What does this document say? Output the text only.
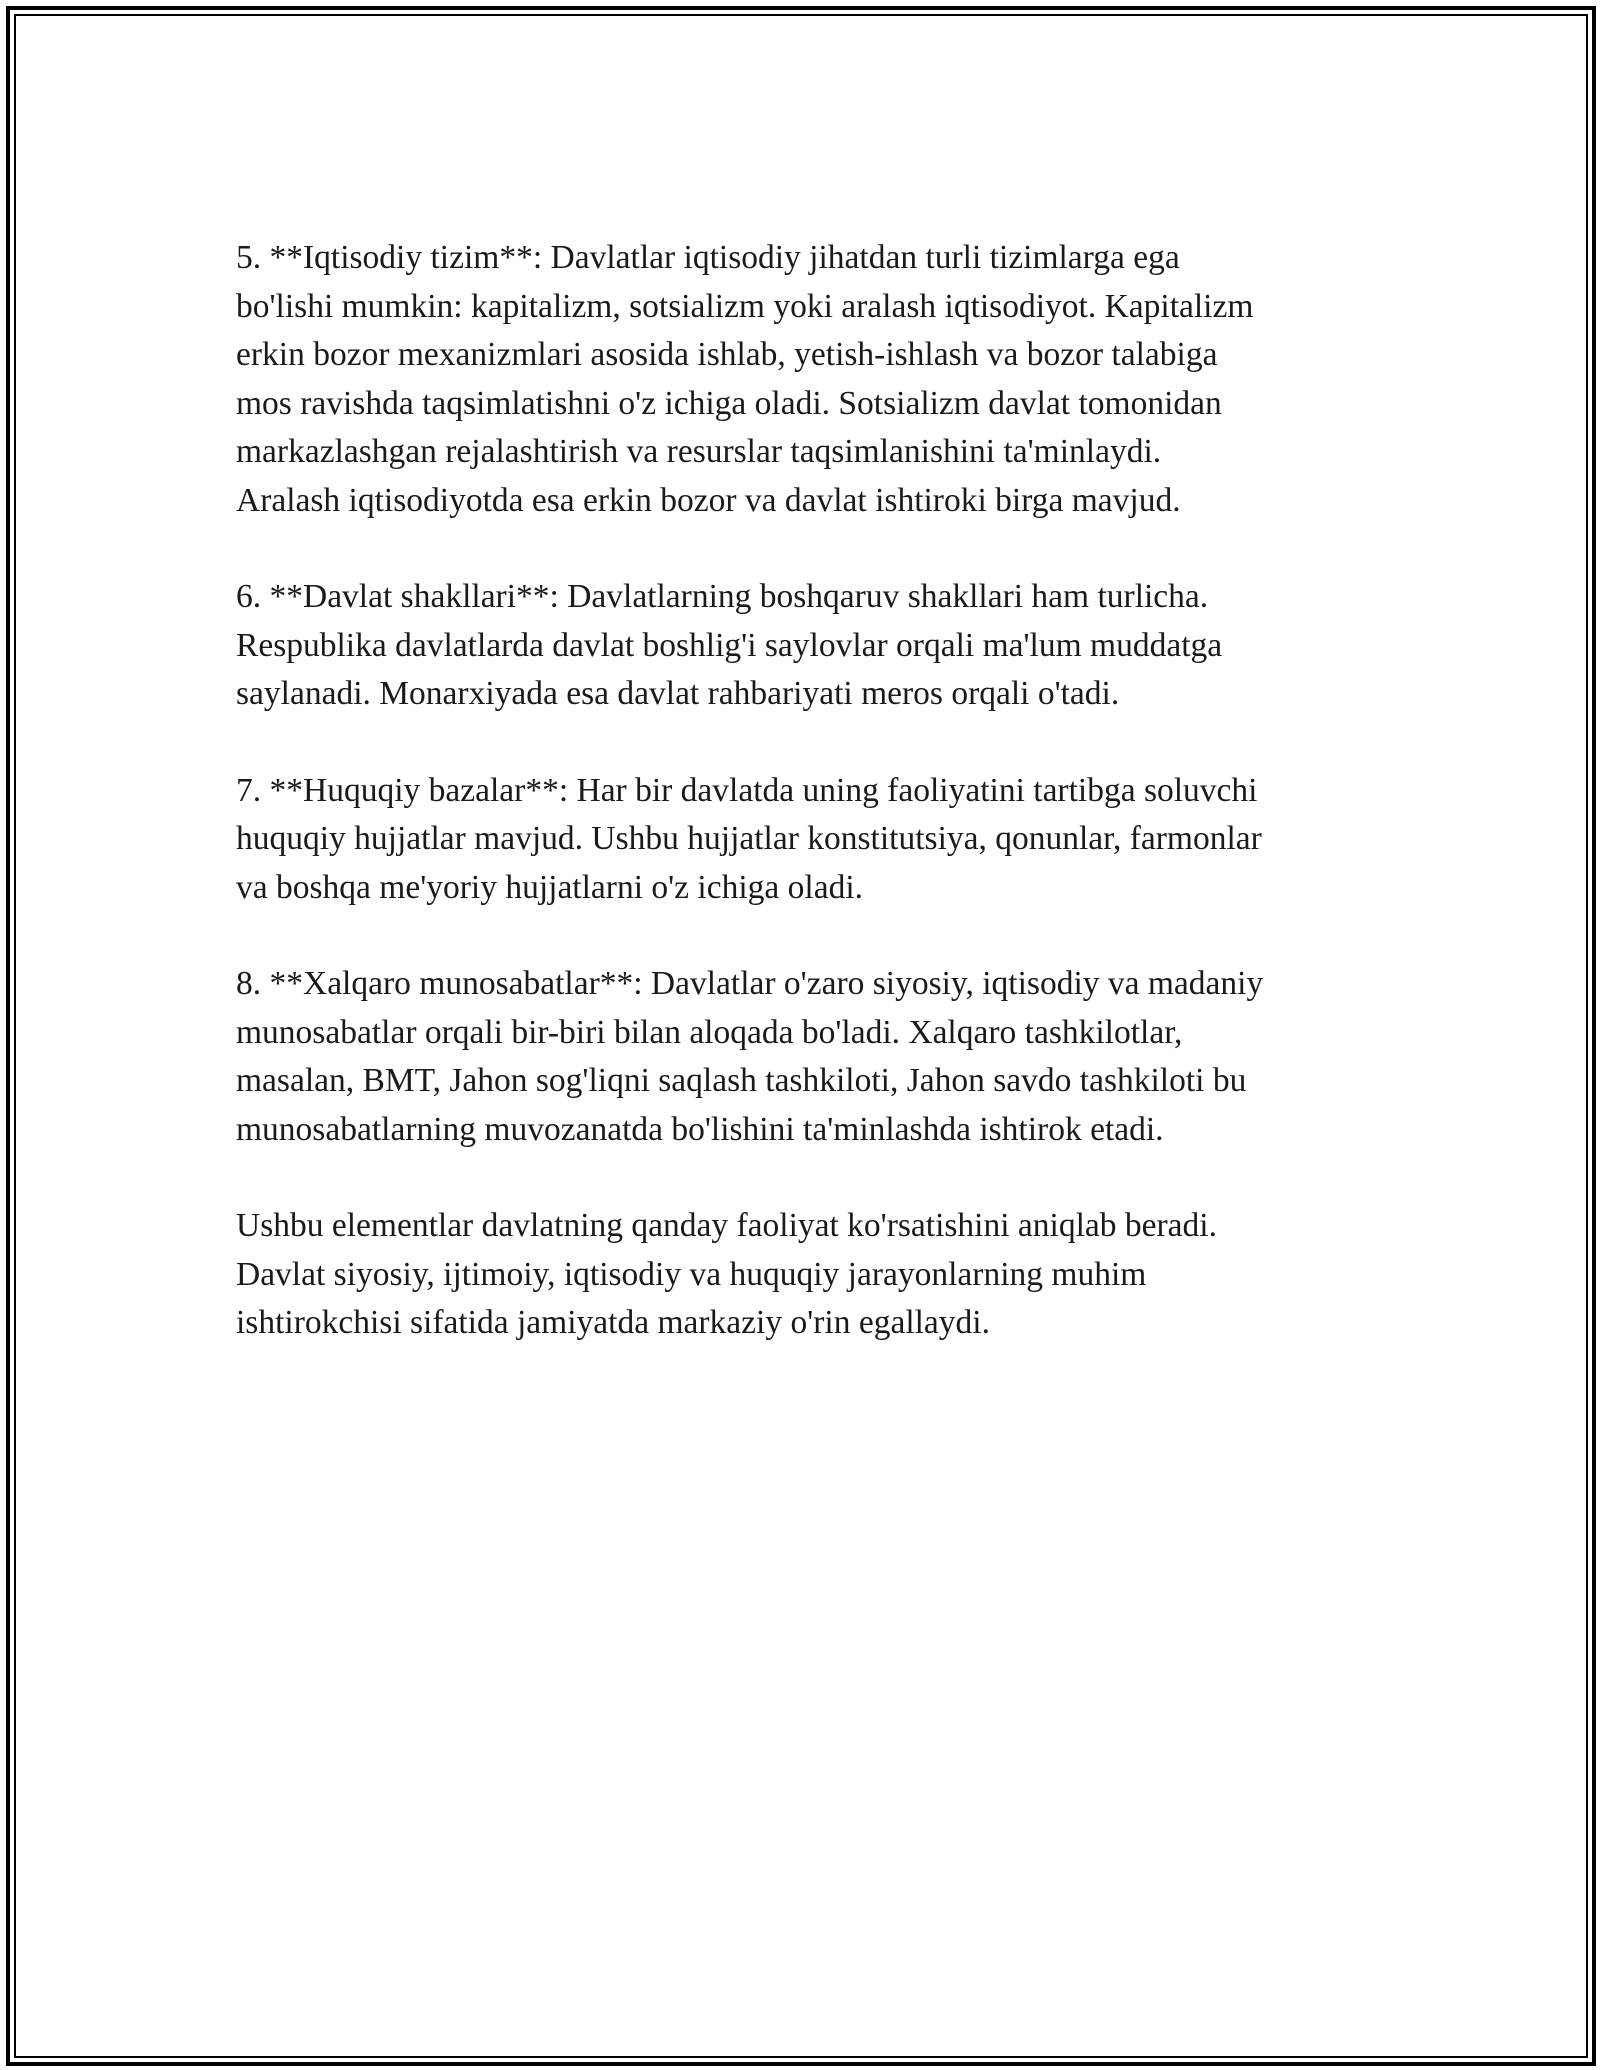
5. **Iqtisodiy tizim**: Davlatlar iqtisodiy jihatdan turli tizimlarga ega
bo'lishi mumkin: kapitalizm, sotsializm yoki aralash iqtisodiyot. Kapitalizm
erkin bozor mexanizmlari asosida ishlab, yetish-ishlash va bozor talabiga
mos ravishda taqsimlatishni o'z ichiga oladi. Sotsializm davlat tomonidan
markazlashgan rejalashtirish va resurslar taqsimlanishini ta'minlaydi.
Aralash iqtisodiyotda esa erkin bozor va davlat ishtiroki birga mavjud.

6. **Davlat shakllari**: Davlatlarning boshqaruv shakllari ham turlicha.
Respublika davlatlarda davlat boshlig'i saylovlar orqali ma'lum muddatga
saylanadi. Monarxiyada esa davlat rahbariyati meros orqali o'tadi.

7. **Huquqiy bazalar**: Har bir davlatda uning faoliyatini tartibga soluvchi
huquqiy hujjatlar mavjud. Ushbu hujjatlar konstitutsiya, qonunlar, farmonlar
va boshqa me'yoriy hujjatlarni o'z ichiga oladi.

8. **Xalqaro munosabatlar**: Davlatlar o'zaro siyosiy, iqtisodiy va madaniy
munosabatlar orqali bir-biri bilan aloqada bo'ladi. Xalqaro tashkilotlar,
masalan, BMT, Jahon sog'liqni saqlash tashkiloti, Jahon savdo tashkiloti bu
munosabatlarning muvozanatda bo'lishini ta'minlashda ishtirok etadi.

Ushbu elementlar davlatning qanday faoliyat ko'rsatishini aniqlab beradi.
Davlat siyosiy, ijtimoiy, iqtisodiy va huquqiy jarayonlarning muhim
ishtirokchisi sifatida jamiyatda markaziy o'rin egallaydi.
